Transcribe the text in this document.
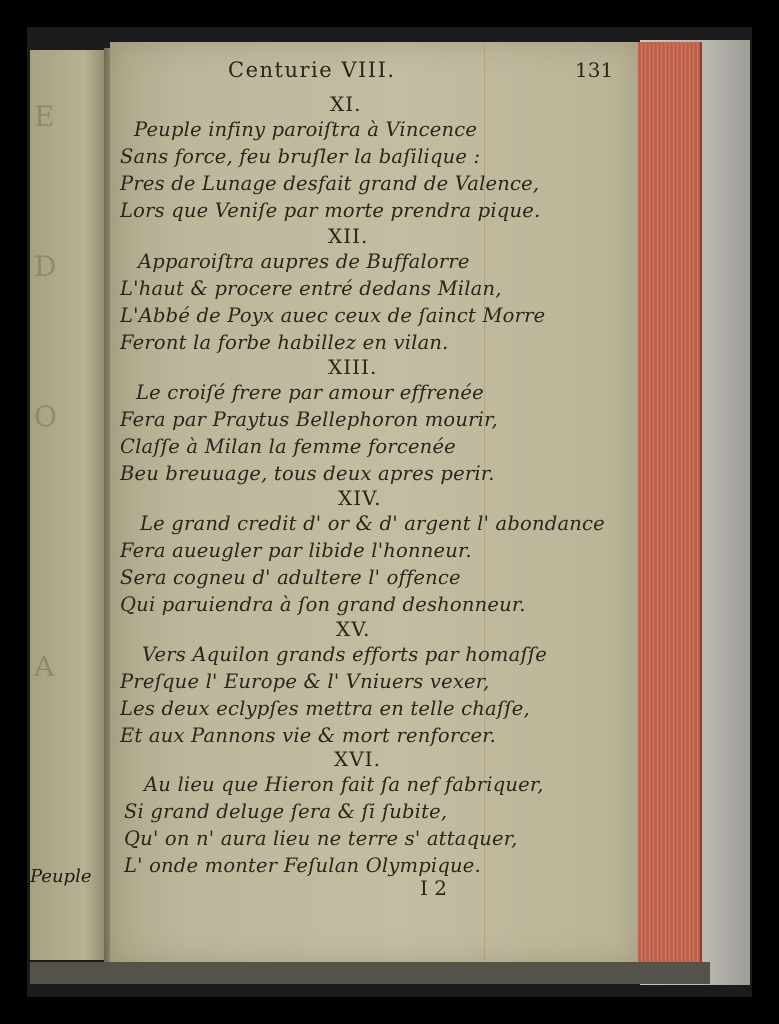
E
D
O
A
Peuple
Centurie VIII.	131
XI.
Peuple infiny paroiſtra à Vincence
Sans force, feu bruſler la baſilique :
Pres de Lunage desfait grand de Valence,
Lors que Veniſe par morte prendra pique.
XII.
Apparoiſtra aupres de Buffalorre
L'haut & procere entré dedans Milan,
L'Abbé de Poyx auec ceux de ſainct Morre
Feront la forbe habillez en vilan.
XIII.
Le croiſé frere par amour effrenée
Fera par Praytus Bellephoron mourir,
Claſſe à Milan la femme forcenée
Beu breuuage, tous deux apres perir.
XIV.
Le grand credit d' or & d' argent l' abondance
Fera aueugler par libide l'honneur.
Sera cogneu d' adultere l' offence
Qui paruiendra à ſon grand deshonneur.
XV.
Vers Aquilon grands efforts par homaſſe
Preſque l' Europe & l' Vniuers vexer,
Les deux eclypſes mettra en telle chaſſe,
Et aux Pannons vie & mort renforcer.
XVI.
Au lieu que Hieron fait ſa nef fabriquer,
Si grand deluge ſera & ſi ſubite,
Qu' on n' aura lieu ne terre s' attaquer,
L' onde monter Feſulan Olympique.
I 2
